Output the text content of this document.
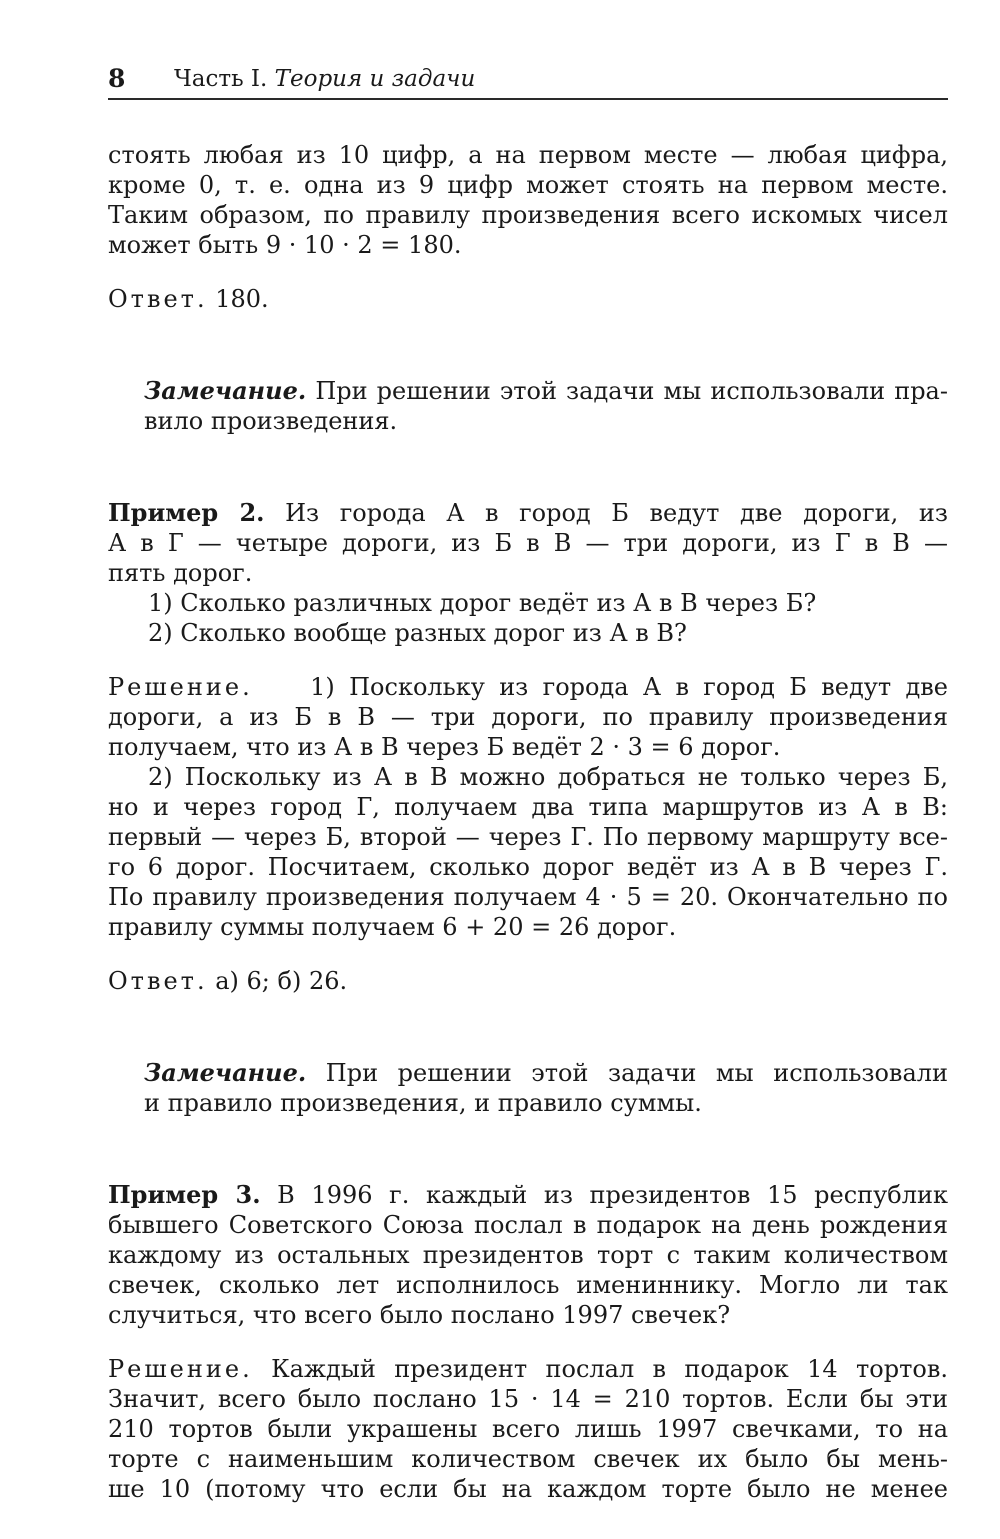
8 Часть I. Теория и задачи
стоять любая из 10 цифр, а на первом месте — любая цифра,
кроме 0, т. е. одна из 9 цифр может стоять на первом месте.
Таким образом, по правилу произведения всего искомых чисел
может быть 9 · 10 · 2 = 180.
Ответ. 180.
Замечание. При решении этой задачи мы использовали пра-
вило произведения.
Пример 2. Из города А в город Б ведут две дороги, из
А в Г — четыре дороги, из Б в В — три дороги, из Г в В —
пять дорог.
1) Сколько различных дорог ведёт из А в В через Б?
2) Сколько вообще разных дорог из А в В?
Решение. 1) Поскольку из города А в город Б ведут две
дороги, а из Б в В — три дороги, по правилу произведения
получаем, что из А в В через Б ведёт 2 · 3 = 6 дорог.
2) Поскольку из А в В можно добраться не только через Б,
но и через город Г, получаем два типа маршрутов из А в В:
первый — через Б, второй — через Г. По первому маршруту все-
го 6 дорог. Посчитаем, сколько дорог ведёт из А в В через Г.
По правилу произведения получаем 4 · 5 = 20. Окончательно по
правилу суммы получаем 6 + 20 = 26 дорог.
Ответ. а) 6; б) 26.
Замечание. При решении этой задачи мы использовали
и правило произведения, и правило суммы.
Пример 3. В 1996 г. каждый из президентов 15 республик
бывшего Советского Союза послал в подарок на день рождения
каждому из остальных президентов торт с таким количеством
свечек, сколько лет исполнилось имениннику. Могло ли так
случиться, что всего было послано 1997 свечек?
Решение. Каждый президент послал в подарок 14 тортов.
Значит, всего было послано 15 · 14 = 210 тортов. Если бы эти
210 тортов были украшены всего лишь 1997 свечками, то на
торте с наименьшим количеством свечек их было бы мень-
ше 10 (потому что если бы на каждом торте было не менее
